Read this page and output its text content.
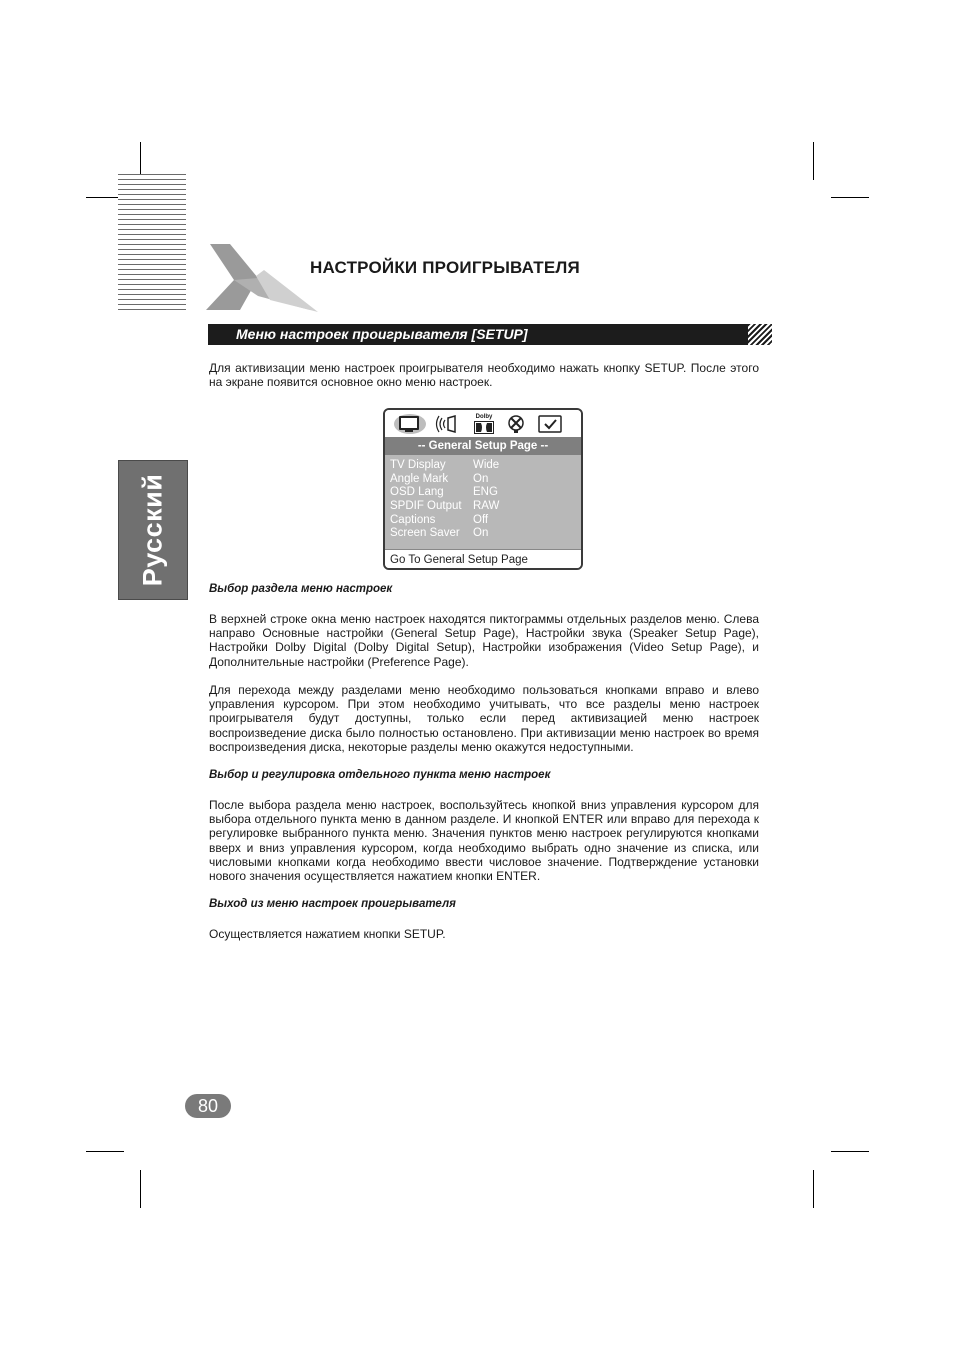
НАСТРОЙКИ ПРОИГРЫВАТЕЛЯ
Меню настроек проигрывателя [SETUP]

Для активизации меню настроек проигрывателя необходимо нажать кнопку SETUP. После этого на экране появится основное окно меню настроек.

Dolby
-- General Setup Page --
TV Display Wide
Angle Mark On
OSD Lang	ENG
SPDIF Output RAW
Captions	Off
Screen Saver On
Go To General Setup Page
Русский
Выбор раздела меню настроек

В верхней строке окна меню настроек находятся пиктограммы отдельных разделов меню. Слева направо Основные настройки (General Setup Page), Настройки звука (Speaker Setup Page), Настройки Dolby Digital (Dolby Digital Setup), Настройки изображения (Video Setup Page), и Дополнительные настройки (Preference Page).

Для перехода между разделами меню необходимо пользоваться кнопками вправо и влево управления курсором. При этом необходимо учитывать, что все разделы меню настроек проигрывателя будут доступны, только если перед активизацией меню настроек воспроизведение диска было полностью остановлено. При активизации меню настроек во время воспроизведения диска, некоторые разделы меню окажутся недоступными.

Выбор и регулировка отдельного пункта меню настроек

После выбора раздела меню настроек, воспользуйтесь кнопкой вниз управления курсором для выбора отдельного пункта меню в данном разделе. И кнопкой ENTER или вправо для перехода к регулировке выбранного пункта меню. Значения пунктов меню настроек регулируются кнопками вверх и вниз управления курсором, когда необходимо выбрать одно значение из списка, или числовыми кнопками когда необходимо ввести числовое значение. Подтверждение установки нового значения осуществляется нажатием кнопки ENTER.

Выход из меню настроек проигрывателя

Осуществляется нажатием кнопки SETUP.

80
